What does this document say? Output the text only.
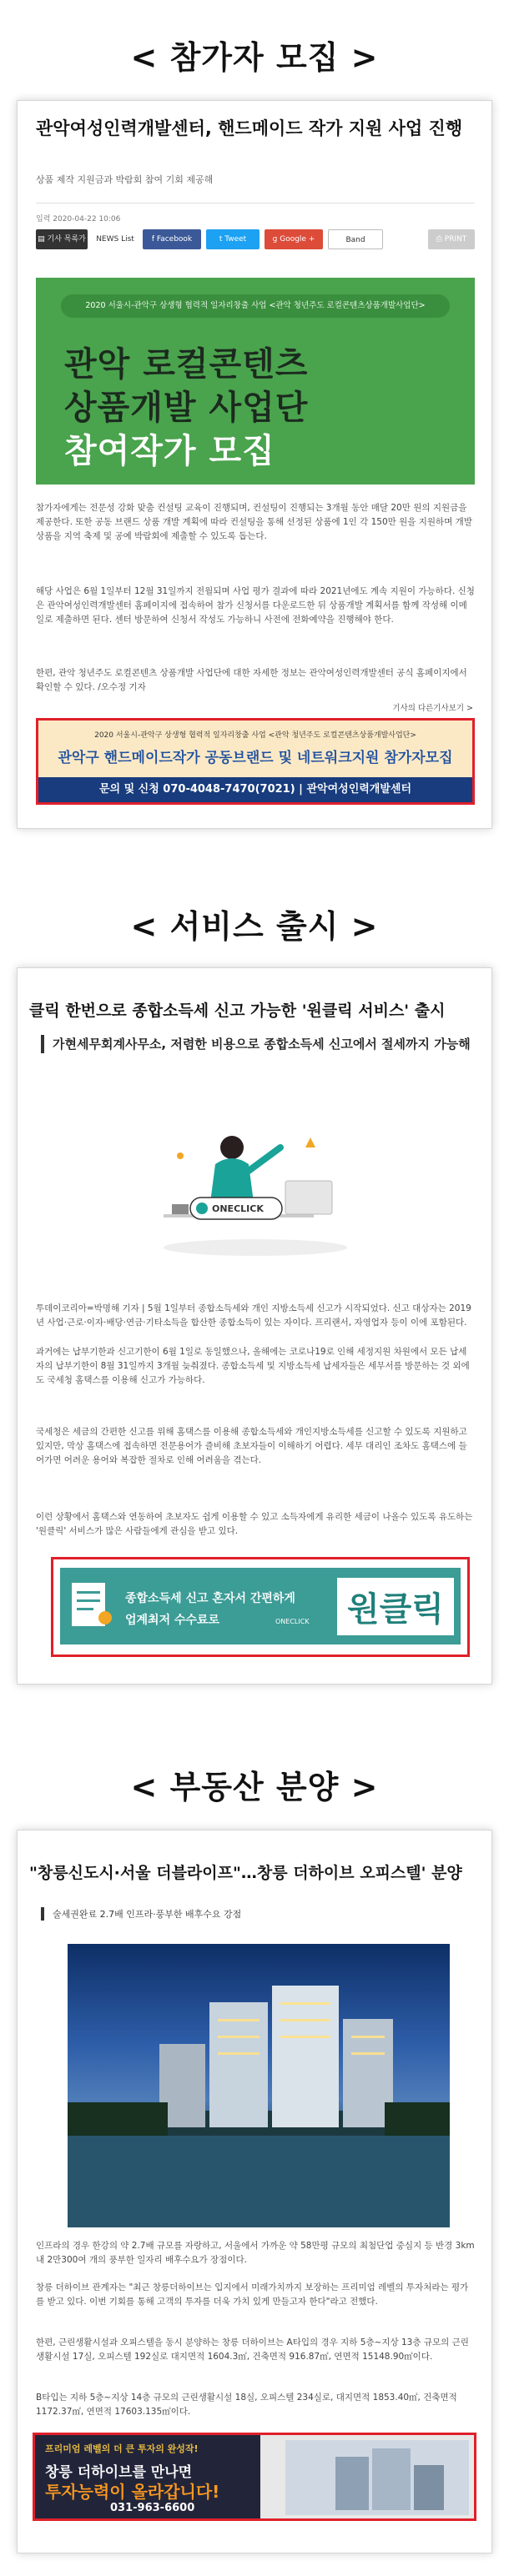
< 참가자 모집 >
관악여성인력개발센터, 핸드메이드 작가 지원 사업 진행
상품 제작 지원금과 박람회 참여 기회 제공해
입력 2020-04-22 10:06
▤ 기사 목록가기
NEWS List	f Facebook	t Tweet	g Google +	Band	⎙ PRINT
2020 서울시-관악구 상생형 협력적 일자리창출 사업 <관악 청년주도 로컬콘텐츠상품개발사업단>
관악 로컬콘텐츠
상품개발 사업단
참여작가 모집

참가자에게는 전문성 강화 맞춤 컨설팅 교육이 진행되며, 컨설팅이 진행되는 3개월 동안 매달 20만 원의 지원금을 제공한다. 또한 공동 브랜드 상품 개발 계획에 따라 컨설팅을 통해 선정된 상품에 1인 각 150만 원을 지원하며 개발 상품을 지역 축제 및 공예 박람회에 제출할 수 있도록 돕는다.

해당 사업은 6월 1일부터 12월 31일까지 전월되며 사업 평가 결과에 따라 2021년에도 계속 지원이 가능하다. 신청은 관악여성인력개발센터 홈페이지에 접속하여 참가 신청서를 다운로드한 뒤 상품개발 계획서를 함께 작성해 이메일로 제출하면 된다. 센터 방문하여 신청서 작성도 가능하니 사전에 전화예약을 진행해야 한다.

한편, 관악 청년주도 로컬콘텐츠 상품개발 사업단에 대한 자세한 정보는 관악여성인력개발센터 공식 홈페이지에서 확인할 수 있다. /오수정 기자

기사의 다른기사보기 >
2020 서울시-관악구 상생형 협력적 일자리창출 사업 <관악 청년주도 로컬콘텐츠상품개발사업단>
관악구 핸드메이드작가 공동브랜드 및 네트워크지원 참가자모집
문의 및 신청 070-4048-7470(7021) | 관악여성인력개발센터
< 서비스 출시 >
클릭 한번으로 종합소득세 신고 가능한 '원클릭 서비스' 출시

가현세무회계사무소, 저렴한 비용으로 종합소득세 신고에서 절세까지 가능해

ONECLICK

투데이코리아=박명해 기자 | 5월 1일부터 종합소득세와 개인 지방소득세 신고가 시작되었다. 신고 대상자는 2019년 사업·근로·이자·배당·연금·기타소득을 합산한 종합소득이 있는 자이다. 프리랜서, 자영업자 등이 이에 포함된다.

과거에는 납부기한과 신고기한이 6월 1일로 동일했으나, 올해에는 코로나19로 인해 세정지원 차원에서 모든 납세자의 납부기한이 8월 31일까지 3개월 늦춰졌다. 종합소득세 및 지방소득세 납세자들은 세무서를 방문하는 것 외에도 국세청 홈택스를 이용해 신고가 가능하다.

국세청은 세금의 간편한 신고를 위해 홈택스를 이용해 종합소득세와 개인지방소득세를 신고할 수 있도록 지원하고 있지만, 막상 홈택스에 접속하면 전문용어가 즐비해 초보자들이 이해하기 어렵다. 세무 대리인 조차도 홈택스에 들어가면 어려운 용어와 복잡한 절차로 인해 어려움을 겪는다.

이런 상황에서 홈택스와 연동하여 초보자도 쉽게 이용할 수 있고 소득자에게 유리한 세금이 나올수 있도록 유도하는 '원클릭' 서비스가 많은 사람들에게 관심을 받고 있다.

종합소득세 신고 혼자서 간편하게
업계최저 수수료로	ONECLICK	원클릭
< 부동산 분양 >
"창릉신도시·서울 더블라이프"…창릉 더하이브 오피스텔' 분양

술세권완료 2.7배 인프라·풍부한 배후수요 강점

인프라의 경우 한강의 약 2.7배 규모를 자랑하고, 서울에서 가까운 약 58만평 규모의 최첨단업 중심지 등 반경 3km 내 2만300여 개의 풍부한 일자리 배후수요가 장점이다.

창릉 더하이브 관계자는 "최근 창릉더하이브는 입지에서 미래가치까지 보장하는 프리미엄 레벨의 투자처라는 평가를 받고 있다. 이번 기회를 통해 고객의 투자를 더욱 가치 있게 만들고자 한다"라고 전했다.

한편, 근린생활시설과 오피스텔을 동시 분양하는 창릉 더하이브는 A타입의 경우 지하 5층~지상 13층 규모의 근린생활시설 17실, 오피스텔 192실로 대지면적 1604.3㎡, 건축면적 916.87㎡, 연면적 15148.90㎡이다.

B타입는 지하 5층~지상 14층 규모의 근린생활시설 18실, 오피스텔 234실로, 대지면적 1853.40㎡, 건축면적 1172.37㎡, 연면적 17603.135㎡이다.

프리미엄 레벨의 더 큰 투자의 완성작!
창릉 더하이브를 만나면
투자능력이 올라갑니다!
031-963-6600
